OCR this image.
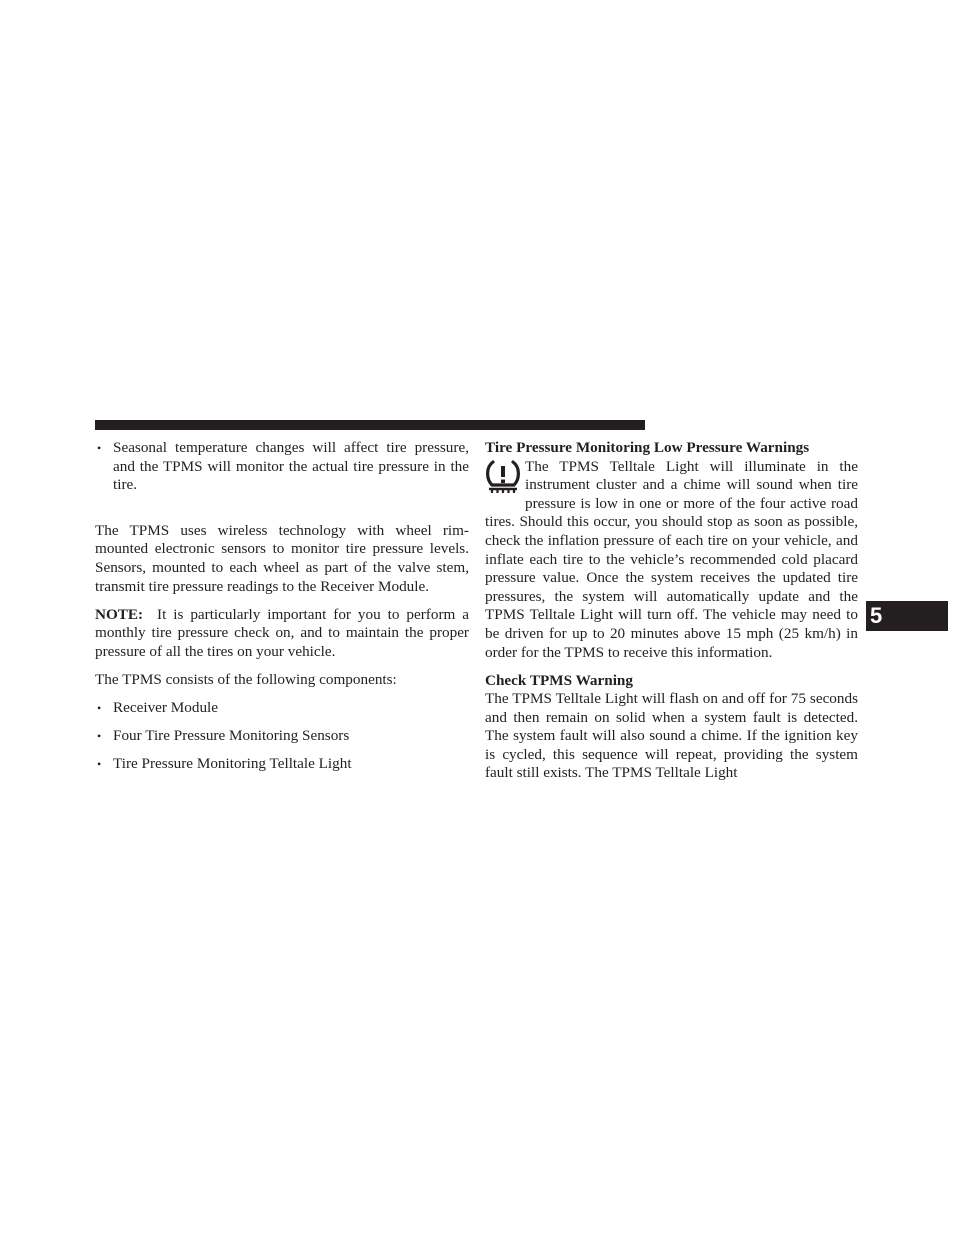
• Seasonal temperature changes will affect tire pressure, and the TPMS will monitor the actual tire pressure in the tire.

The TPMS uses wireless technology with wheel rim-mounted electronic sensors to monitor tire pressure levels. Sensors, mounted to each wheel as part of the valve stem, transmit tire pressure readings to the Receiver Module.

NOTE: It is particularly important for you to perform a monthly tire pressure check on, and to maintain the proper pressure of all the tires on your vehicle.

The TPMS consists of the following components:

• Receiver Module

• Four Tire Pressure Monitoring Sensors

• Tire Pressure Monitoring Telltale Light

Tire Pressure Monitoring Low Pressure Warnings

The TPMS Telltale Light will illuminate in the instrument cluster and a chime will sound when tire pressure is low in one or more of the four active road tires. Should this occur, you should stop as soon as possible, check the inflation pressure of each tire on your vehicle, and inflate each tire to the vehicle’s recommended cold placard pressure value. Once the system receives the updated tire pressures, the system will automatically update and the TPMS Telltale Light will turn off. The vehicle may need to be driven for up to 20 minutes above 15 mph (25 km/h) in order for the TPMS to receive this information.

Check TPMS Warning

The TPMS Telltale Light will flash on and off for 75 seconds and then remain on solid when a system fault is detected. The system fault will also sound a chime. If the ignition key is cycled, this sequence will repeat, providing the system fault still exists. The TPMS Telltale Light

5
